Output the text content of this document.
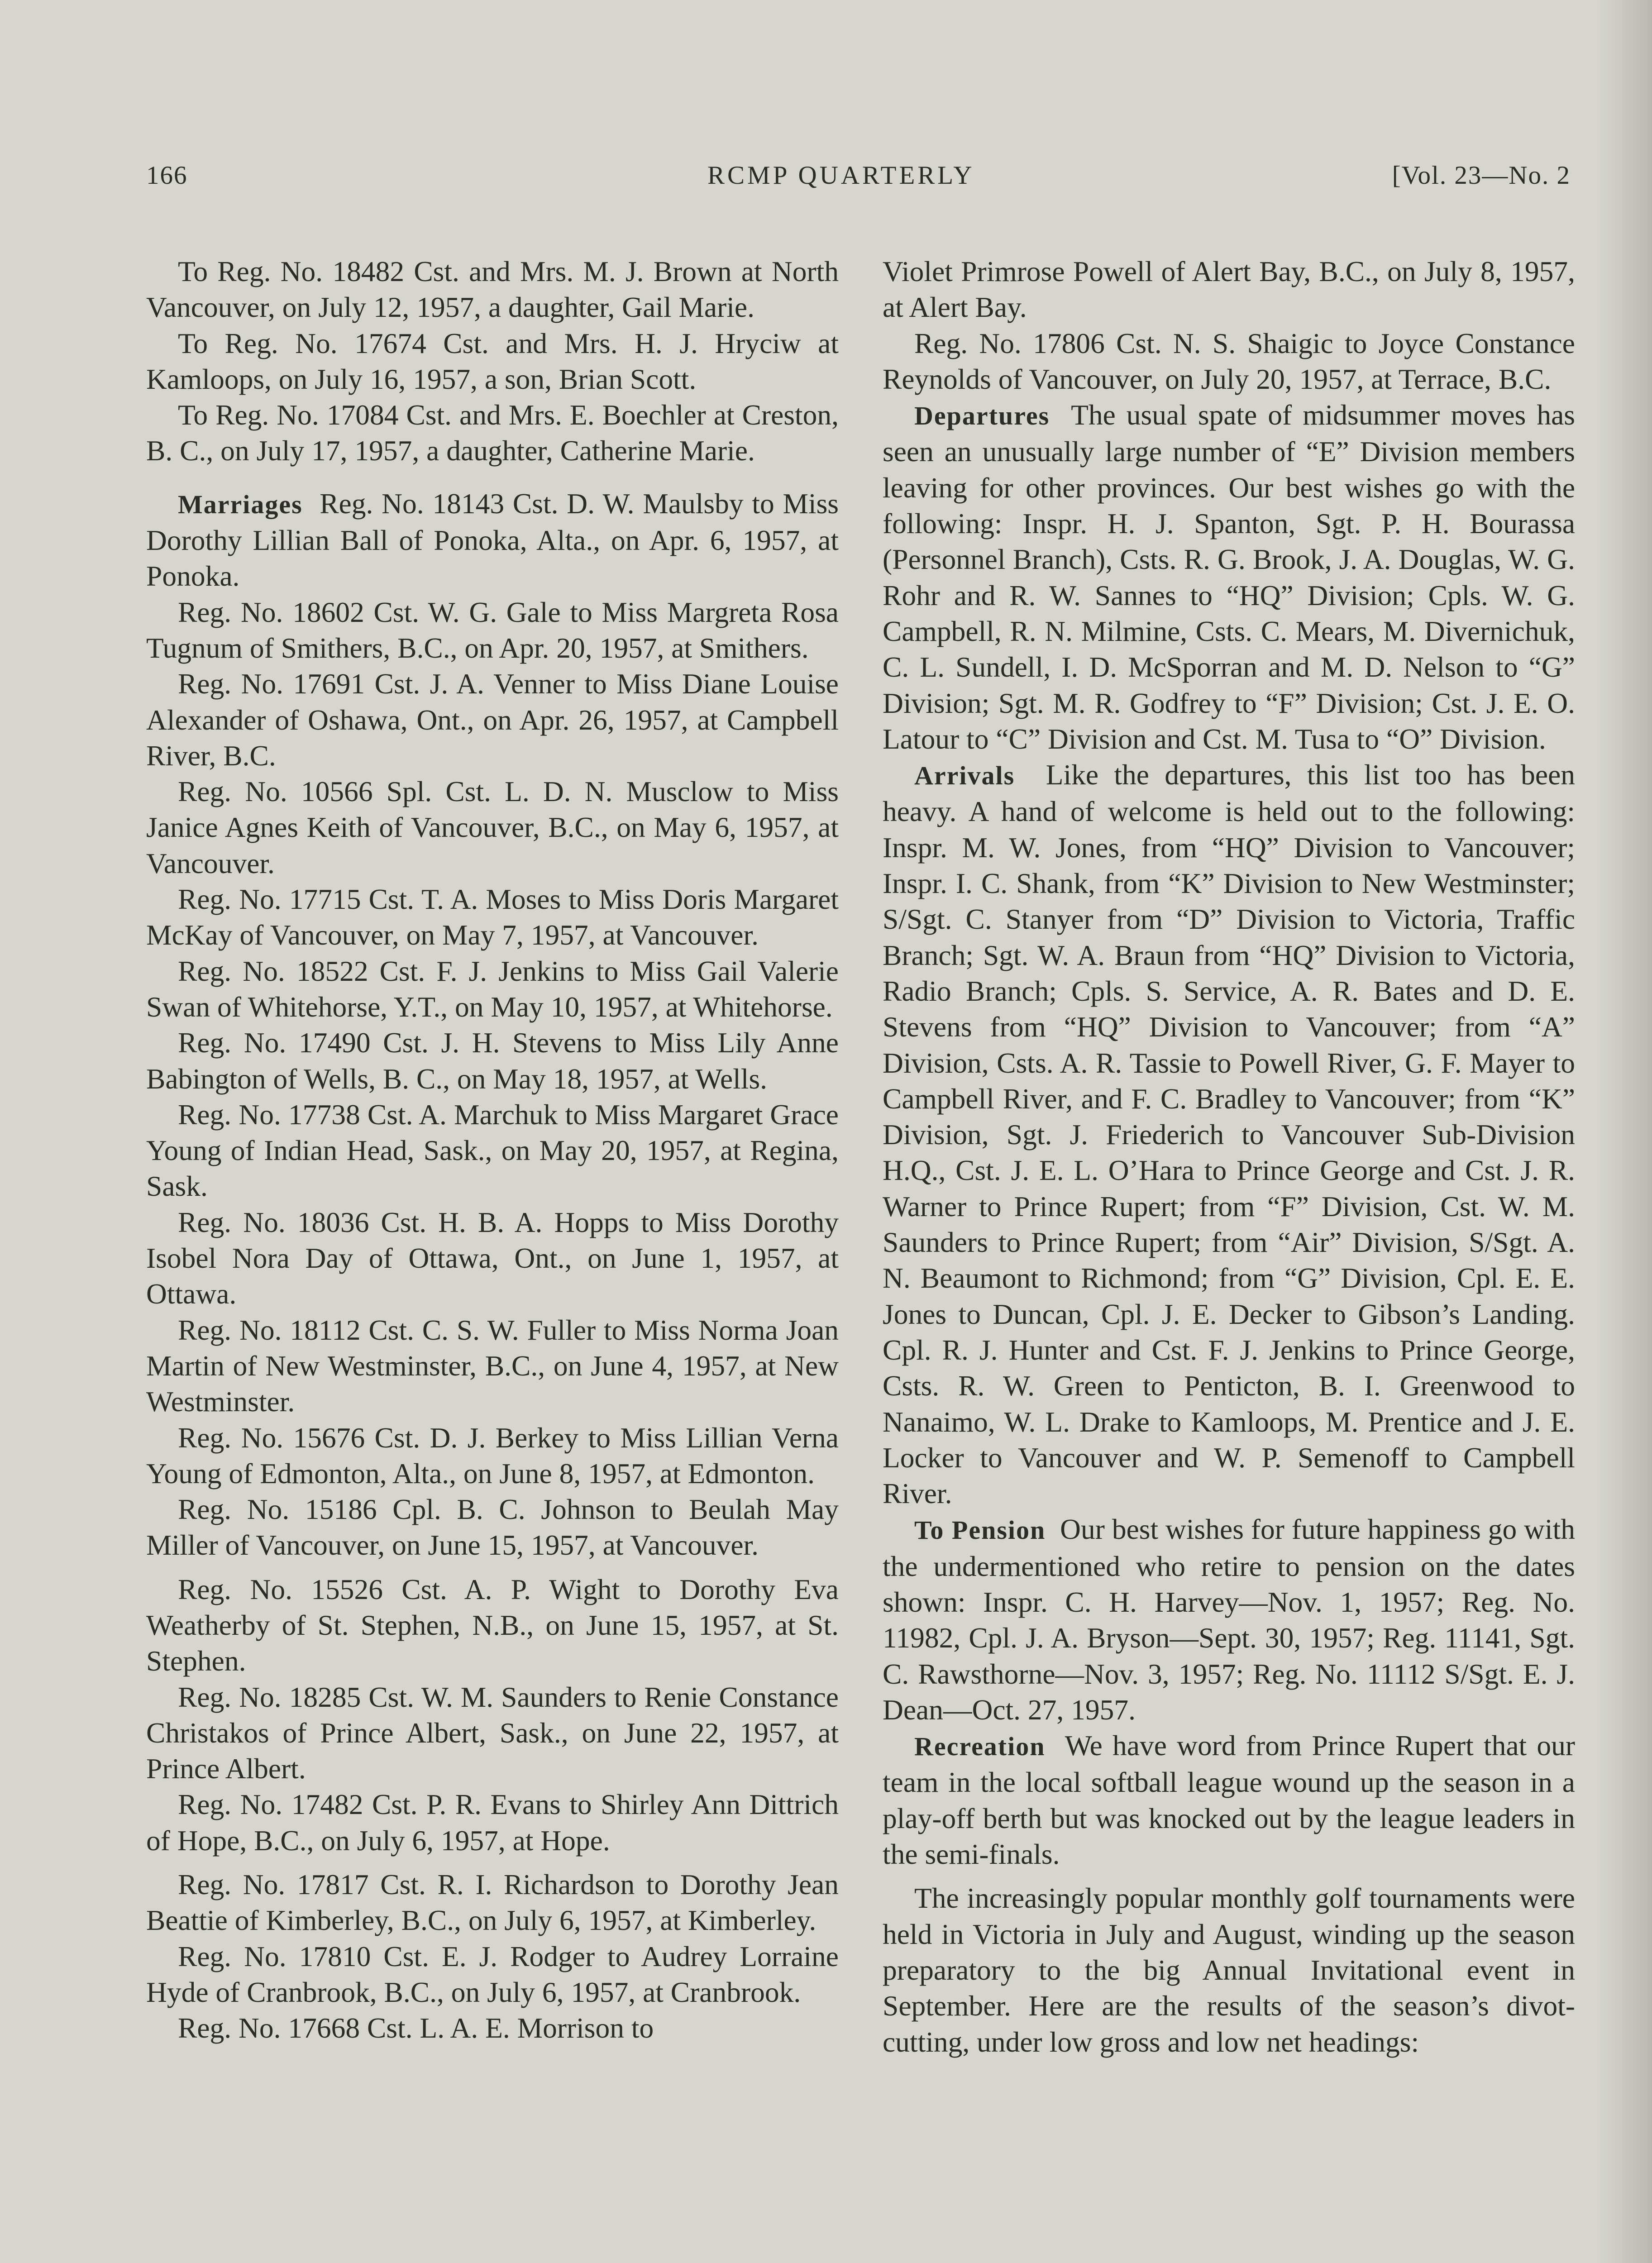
166	RCMP QUARTERLY	[Vol. 23—No. 2

To Reg. No. 18482 Cst. and Mrs. M. J. Brown at North Vancouver, on July 12, 1957, a daughter, Gail Marie.

To Reg. No. 17674 Cst. and Mrs. H. J. Hryciw at Kamloops, on July 16, 1957, a son, Brian Scott.

To Reg. No. 17084 Cst. and Mrs. E. Boechler at Creston, B. C., on July 17, 1957, a daughter, Catherine Marie.

Marriages Reg. No. 18143 Cst. D. W. Maulsby to Miss Dorothy Lillian Ball of Ponoka, Alta., on Apr. 6, 1957, at Ponoka.

Reg. No. 18602 Cst. W. G. Gale to Miss Margreta Rosa Tugnum of Smithers, B.C., on Apr. 20, 1957, at Smithers.

Reg. No. 17691 Cst. J. A. Venner to Miss Diane Louise Alexander of Oshawa, Ont., on Apr. 26, 1957, at Campbell River, B.C.

Reg. No. 10566 Spl. Cst. L. D. N. Musclow to Miss Janice Agnes Keith of Vancouver, B.C., on May 6, 1957, at Vancouver.

Reg. No. 17715 Cst. T. A. Moses to Miss Doris Margaret McKay of Vancouver, on May 7, 1957, at Vancouver.

Reg. No. 18522 Cst. F. J. Jenkins to Miss Gail Valerie Swan of Whitehorse, Y.T., on May 10, 1957, at Whitehorse.

Reg. No. 17490 Cst. J. H. Stevens to Miss Lily Anne Babington of Wells, B. C., on May 18, 1957, at Wells.

Reg. No. 17738 Cst. A. Marchuk to Miss Margaret Grace Young of Indian Head, Sask., on May 20, 1957, at Regina, Sask.

Reg. No. 18036 Cst. H. B. A. Hopps to Miss Dorothy Isobel Nora Day of Ottawa, Ont., on June 1, 1957, at Ottawa.

Reg. No. 18112 Cst. C. S. W. Fuller to Miss Norma Joan Martin of New Westminster, B.C., on June 4, 1957, at New Westminster.

Reg. No. 15676 Cst. D. J. Berkey to Miss Lillian Verna Young of Edmonton, Alta., on June 8, 1957, at Edmonton.

Reg. No. 15186 Cpl. B. C. Johnson to Beulah May Miller of Vancouver, on June 15, 1957, at Vancouver.

Reg. No. 15526 Cst. A. P. Wight to Dorothy Eva Weatherby of St. Stephen, N.B., on June 15, 1957, at St. Stephen.

Reg. No. 18285 Cst. W. M. Saunders to Renie Constance Christakos of Prince Albert, Sask., on June 22, 1957, at Prince Albert.

Reg. No. 17482 Cst. P. R. Evans to Shirley Ann Dittrich of Hope, B.C., on July 6, 1957, at Hope.

Reg. No. 17817 Cst. R. I. Richardson to Dorothy Jean Beattie of Kimberley, B.C., on July 6, 1957, at Kimberley.

Reg. No. 17810 Cst. E. J. Rodger to Audrey Lorraine Hyde of Cranbrook, B.C., on July 6, 1957, at Cranbrook.

Reg. No. 17668 Cst. L. A. E. Morrison to

Violet Primrose Powell of Alert Bay, B.C., on July 8, 1957, at Alert Bay.

Reg. No. 17806 Cst. N. S. Shaigic to Joyce Constance Reynolds of Vancouver, on July 20, 1957, at Terrace, B.C.

Departures The usual spate of midsummer moves has seen an unusually large number of “E” Division members leaving for other provinces. Our best wishes go with the following: Inspr. H. J. Spanton, Sgt. P. H. Bourassa (Personnel Branch), Csts. R. G. Brook, J. A. Douglas, W. G. Rohr and R. W. Sannes to “HQ” Division; Cpls. W. G. Campbell, R. N. Milmine, Csts. C. Mears, M. Divernichuk, C. L. Sundell, I. D. McSporran and M. D. Nelson to “G” Division; Sgt. M. R. Godfrey to “F” Division; Cst. J. E. O. Latour to “C” Division and Cst. M. Tusa to “O” Division.

Arrivals Like the departures, this list too has been heavy. A hand of welcome is held out to the following: Inspr. M. W. Jones, from “HQ” Division to Vancouver; Inspr. I. C. Shank, from “K” Division to New Westminster; S/Sgt. C. Stanyer from “D” Division to Victoria, Traffic Branch; Sgt. W. A. Braun from “HQ” Division to Victoria, Radio Branch; Cpls. S. Service, A. R. Bates and D. E. Stevens from “HQ” Division to Vancouver; from “A” Division, Csts. A. R. Tassie to Powell River, G. F. Mayer to Campbell River, and F. C. Bradley to Vancouver; from “K” Division, Sgt. J. Friederich to Vancouver Sub-Division H.Q., Cst. J. E. L. O’Hara to Prince George and Cst. J. R. Warner to Prince Rupert; from “F” Division, Cst. W. M. Saunders to Prince Rupert; from “Air” Division, S/Sgt. A. N. Beaumont to Richmond; from “G” Division, Cpl. E. E. Jones to Duncan, Cpl. J. E. Decker to Gibson’s Landing. Cpl. R. J. Hunter and Cst. F. J. Jenkins to Prince George, Csts. R. W. Green to Penticton, B. I. Greenwood to Nanaimo, W. L. Drake to Kamloops, M. Prentice and J. E. Locker to Vancouver and W. P. Semenoff to Campbell River.

To Pension Our best wishes for future happiness go with the undermentioned who retire to pension on the dates shown: Inspr. C. H. Harvey—Nov. 1, 1957; Reg. No. 11982, Cpl. J. A. Bryson—Sept. 30, 1957; Reg. 11141, Sgt. C. Rawsthorne—Nov. 3, 1957; Reg. No. 11112 S/Sgt. E. J. Dean—Oct. 27, 1957.

Recreation We have word from Prince Rupert that our team in the local softball league wound up the season in a play-off berth but was knocked out by the league leaders in the semi-finals.

The increasingly popular monthly golf tournaments were held in Victoria in July and August, winding up the season preparatory to the big Annual Invitational event in September. Here are the results of the season’s divot-cutting, under low gross and low net headings:
